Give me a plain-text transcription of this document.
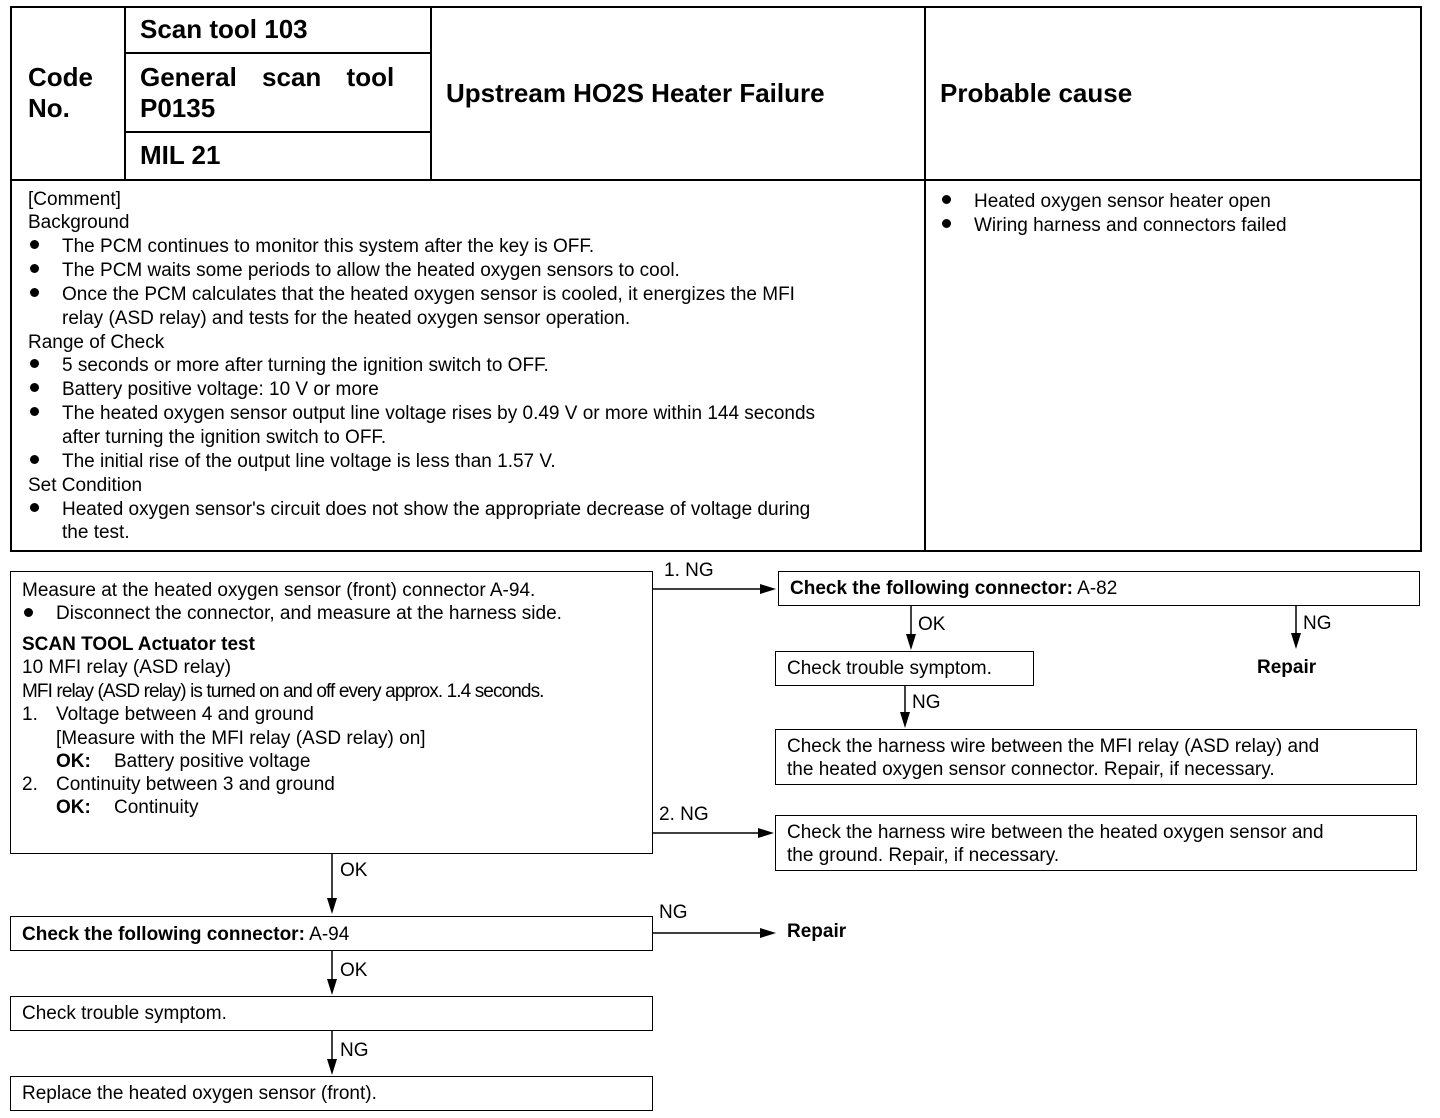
Code
No.
Scan tool 103
General scan tool
P0135
MIL 21
Upstream HO2S Heater Failure	Probable cause
[Comment]
Background
The PCM continues to monitor this system after the key is OFF.
The PCM waits some periods to allow the heated oxygen sensors to cool.
Once the PCM calculates that the heated oxygen sensor is cooled, it energizes the MFI
relay (ASD relay) and tests for the heated oxygen sensor operation.
Range of Check
5 seconds or more after turning the ignition switch to OFF.
Battery positive voltage: 10 V or more
The heated oxygen sensor output line voltage rises by 0.49 V or more within 144 seconds
after turning the ignition switch to OFF.
The initial rise of the output line voltage is less than 1.57 V.
Set Condition
Heated oxygen sensor's circuit does not show the appropriate decrease of voltage during
the test.
Heated oxygen sensor heater open
Wiring harness and connectors failed
Measure at the heated oxygen sensor (front) connector A-94.
Disconnect the connector, and measure at the harness side.
SCAN TOOL Actuator test
10 MFI relay (ASD relay)
MFI relay (ASD relay) is turned on and off every approx. 1.4 seconds.
1. Voltage between 4 and ground
[Measure with the MFI relay (ASD relay) on]
OK: Battery positive voltage
2. Continuity between 3 and ground
OK: Continuity
Check the following connector: A-82
Check trouble symptom.
Check the harness wire between the MFI relay (ASD relay) and
the heated oxygen sensor connector. Repair, if necessary.
Check the harness wire between the heated oxygen sensor and
the ground. Repair, if necessary.
Check the following connector: A-94
Check trouble symptom.
Replace the heated oxygen sensor (front).
1. NG
2. NG
OK	NG
Repair
NG
OK
NG
Repair
OK
NG
